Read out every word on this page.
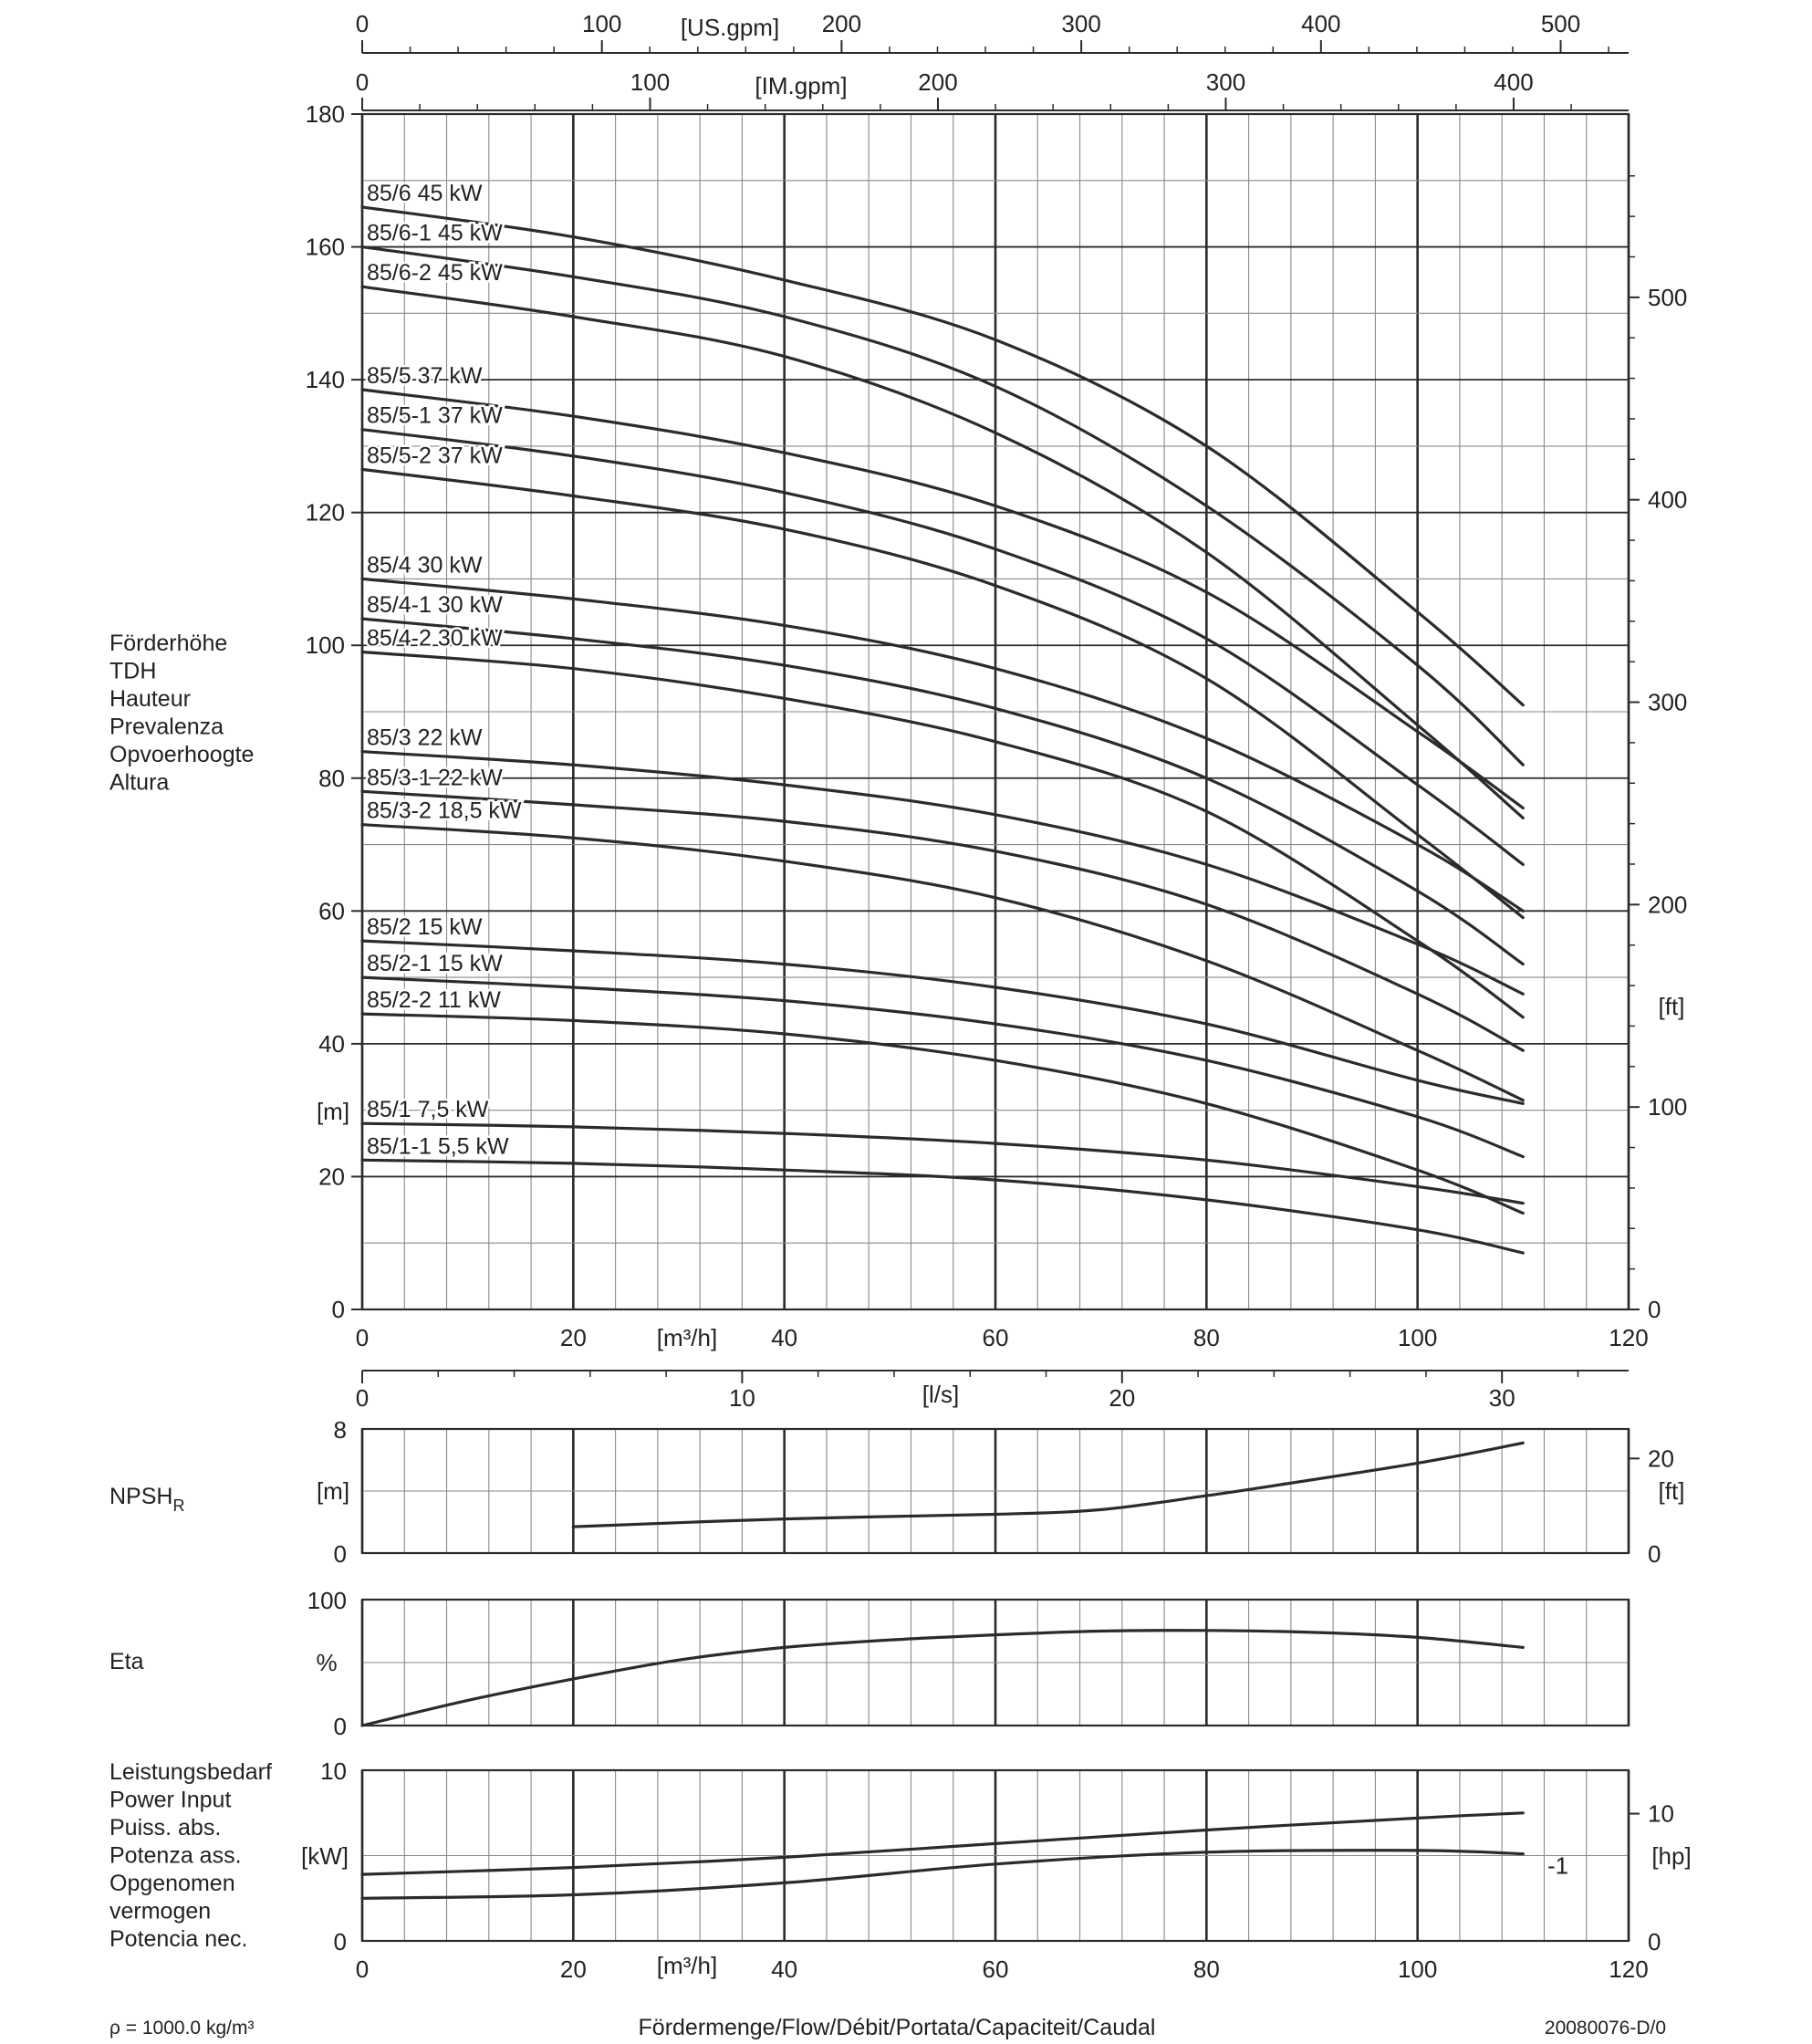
0
20
40
60
80
100
120
140
160
180
0
100
200
300
400
500
[ft]
[m]
Förderhöhe
TDH
Hauteur
Prevalenza
Opvoerhoogte
Altura
0	20	40	60	80	100	120
[m³/h]
0	100	200	300	400	500
[US.gpm]
0	100	200	300	400
[IM.gpm]
0	10	20	30
[l/s]
8
0
[m]
20
0
[ft]
$NPSH_R$
100
0
%
Eta
10
0
[kW]
10
0
[hp]
Leistungsbedarf
Power Input
Puiss. abs.
Potenza ass.
Opgenomen
vermogen
Potencia nec.
0	20	40	60	80	100	120
[m³/h]
85/6 45 kW
85/6-1 45 kW
85/6-2 45 kW
85/5 37 kW
85/5-1 37 kW
85/5-2 37 kW
85/4 30 kW
85/4-1 30 kW
85/4-2 30 kW
85/3 22 kW
85/3-1 22 kW
85/3-2 18,5 kW
85/2 15 kW
85/2-1 15 kW
85/2-2 11 kW
85/1 7,5 kW
85/1-1 5,5 kW
-1
ρ = 1000.0 kg/m³	Fördermenge/Flow/Débit/Portata/Capaciteit/Caudal	20080076-D/0
